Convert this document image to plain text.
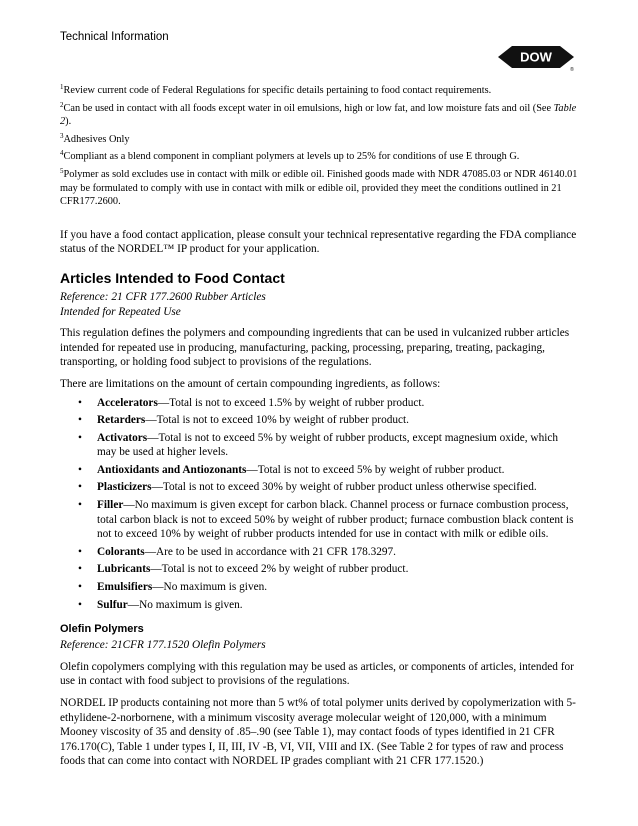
Technical Information
DOW
®

$^1$Review current code of Federal Regulations for specific details pertaining to food contact requirements.

$^2$Can be used in contact with all foods except water in oil emulsions, high or low fat, and low moisture fats and oil (See Table 2).

$^3$Adhesives Only

$^4$Compliant as a blend component in compliant polymers at levels up to 25% for conditions of use E through G.

$^5$Polymer as sold excludes use in contact with milk or edible oil. Finished goods made with NDR 47085.03 or NDR 46140.01 may be formulated to comply with use in contact with milk or edible oil, provided they meet the conditions outlined in 21 CFR177.2600.

If you have a food contact application, please consult your technical representative regarding the FDA compliance status of the NORDEL™ IP product for your application.

Articles Intended to Food Contact

Reference: 21 CFR 177.2600 Rubber Articles

Intended for Repeated Use

This regulation defines the polymers and compounding ingredients that can be used in vulcanized rubber articles intended for repeated use in producing, manufacturing, packing, processing, preparing, treating, packaging, transporting, or holding food subject to provisions of the regulations.

There are limitations on the amount of certain compounding ingredients, as follows:

• Accelerators—Total is not to exceed 1.5% by weight of rubber product.
• Retarders—Total is not to exceed 10% by weight of rubber product.
• Activators—Total is not to exceed 5% by weight of rubber products, except magnesium oxide, which may be used at higher levels.
• Antioxidants and Antiozonants—Total is not to exceed 5% by weight of rubber product.
• Plasticizers—Total is not to exceed 30% by weight of rubber product unless otherwise specified.
• Filler—No maximum is given except for carbon black. Channel process or furnace combustion process, total carbon black is not to exceed 50% by weight of rubber product; furnace combustion black content is not to exceed 10% by weight of rubber products intended for use in contact with milk or edible oils.
• Colorants—Are to be used in accordance with 21 CFR 178.3297.
• Lubricants—Total is not to exceed 2% by weight of rubber product.
• Emulsifiers—No maximum is given.
• Sulfur—No maximum is given.
Olefin Polymers

Reference: 21CFR 177.1520 Olefin Polymers

Olefin copolymers complying with this regulation may be used as articles, or components of articles, intended for use in contact with food subject to provisions of the regulations.

NORDEL IP products containing not more than 5 wt% of total polymer units derived by copolymerization with 5-ethylidene-2-norbornene, with a minimum viscosity average molecular weight of 120,000, with a minimum Mooney viscosity of 35 and density of .85–.90 (see Table 1), may contact foods of types identified in 21 CFR 176.170(C), Table 1 under types I, II, III, IV -B, VI, VII, VIII and IX. (See Table 2 for types of raw and process foods that can come into contact with NORDEL IP grades compliant with 21 CFR 177.1520.)
